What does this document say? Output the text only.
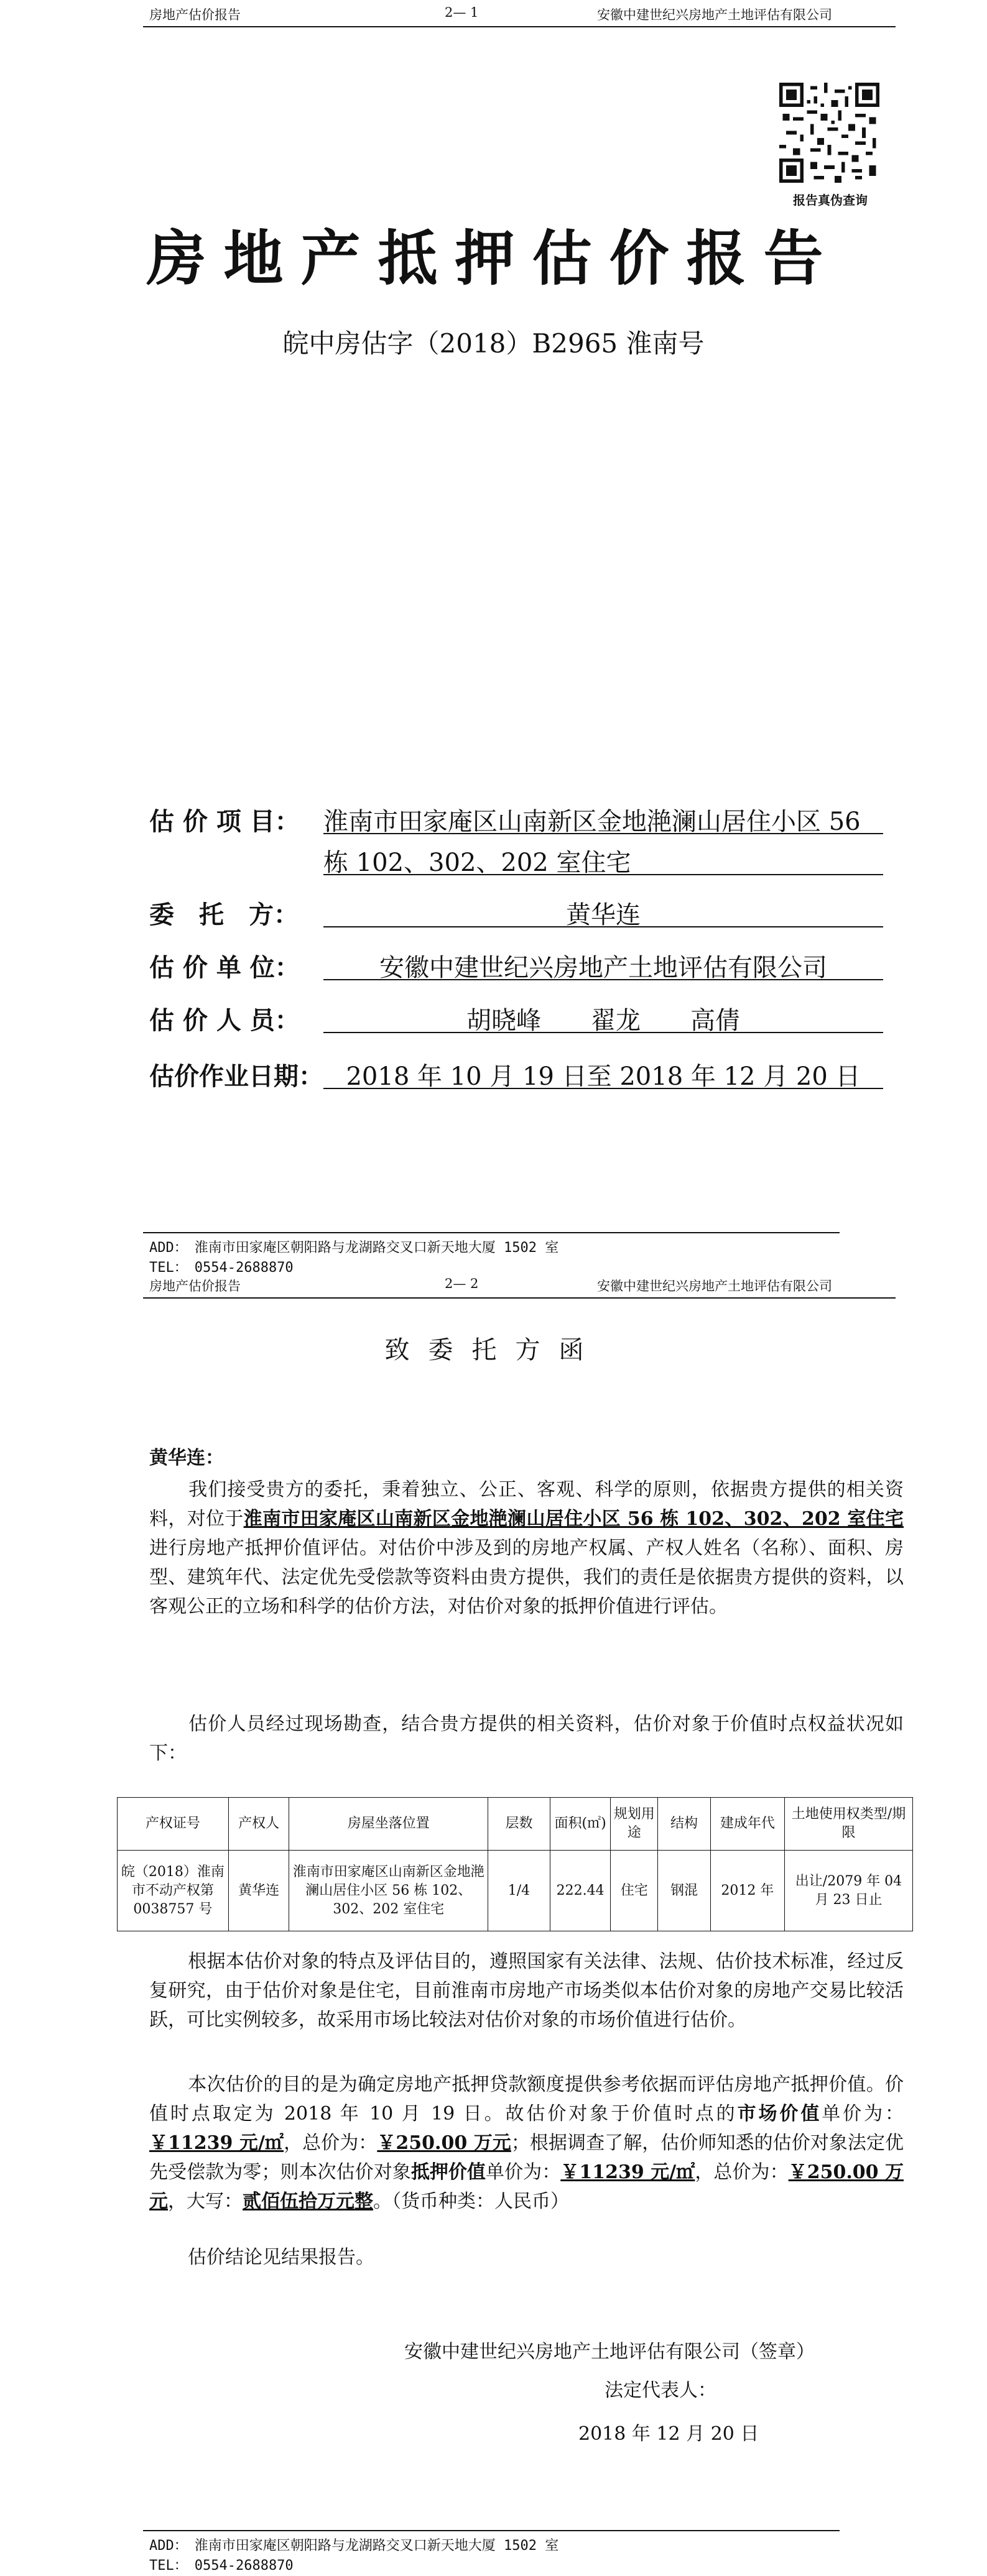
房地产估价报告	2— 1	安徽中建世纪兴房地产土地评估有限公司
报告真伪查询
房地产抵押估价报告
皖中房估字（2018）B2965 淮南号
估 价 项 目： 淮南市田家庵区山南新区金地滟澜山居住小区 56
栋 102、302、202 室住宅
委　托　方：	黄华连
估 价 单 位：	安徽中建世纪兴房地产土地评估有限公司
估 价 人 员：	胡晓峰　　翟龙　　高倩
估价作业日期： 2018 年 10 月 19 日至 2018 年 12 月 20 日
ADD：　淮南市田家庵区朝阳路与龙湖路交叉口新天地大厦 1502 室
TEL：　0554-2688870
房地产估价报告	2— 2	安徽中建世纪兴房地产土地评估有限公司
致委托方函
黄华连：
我们接受贵方的委托，秉着独立、公正、客观、科学的原则，依据贵方提供的相关资料，对位于淮南市田家庵区山南新区金地滟澜山居住小区 56 栋 102、302、202 室住宅进行房地产抵押价值评估。对估价中涉及到的房地产权属、产权人姓名（名称）、面积、房型、建筑年代、法定优先受偿款等资料由贵方提供，我们的责任是依据贵方提供的资料，以客观公正的立场和科学的估价方法，对估价对象的抵押价值进行评估。
估价人员经过现场勘查，结合贵方提供的相关资料，估价对象于价值时点权益状况如下：
产权证号	产权人	房屋坐落位置	层数	面积(㎡)	规划用途	结构	建成年代	土地使用权类型/期限
皖（2018）淮南市不动产权第 0038757 号	黄华连	淮南市田家庵区山南新区金地滟澜山居住小区 56 栋 102、302、202 室住宅	1/4	222.44	住宅	钢混	2012 年	出让/2079 年 04 月 23 日止
根据本估价对象的特点及评估目的，遵照国家有关法律、法规、估价技术标准，经过反复研究，由于估价对象是住宅，目前淮南市房地产市场类似本估价对象的房地产交易比较活跃，可比实例较多，故采用市场比较法对估价对象的市场价值进行估价。
本次估价的目的是为确定房地产抵押贷款额度提供参考依据而评估房地产抵押价值。价值时点取定为 2018 年 10 月 19 日。故估价对象于价值时点的市场价值单价为：￥11239 元/㎡，总价为：￥250.00 万元；根据调查了解，估价师知悉的估价对象法定优先受偿款为零；则本次估价对象抵押价值单价为：￥11239 元/㎡，总价为：￥250.00 万元，大写：贰佰伍拾万元整。（货币种类：人民币）
估价结论见结果报告。
安徽中建世纪兴房地产土地评估有限公司（签章）
法定代表人：
2018 年 12 月 20 日
ADD：　淮南市田家庵区朝阳路与龙湖路交叉口新天地大厦 1502 室
TEL：　0554-2688870
